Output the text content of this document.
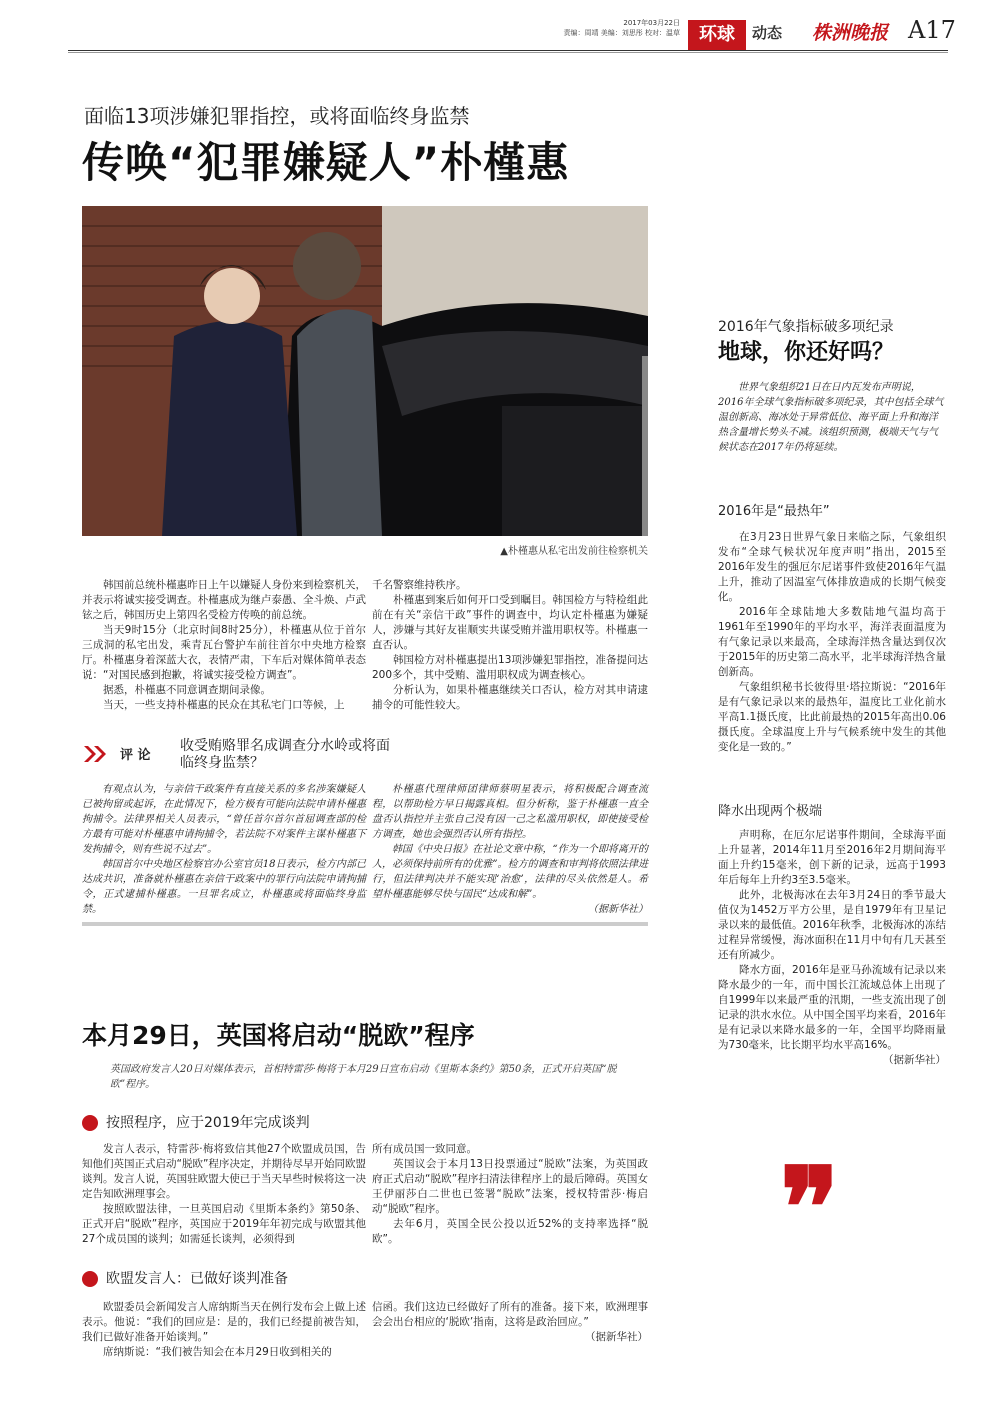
2017年03月22日
责编：周靖 美编：刘思彤 校对：温草	环球	动态 株洲晚报 A17
面临13项涉嫌犯罪指控，或将面临终身监禁
传唤“犯罪嫌疑人”朴槿惠
▲朴槿惠从私宅出发前往检察机关

韩国前总统朴槿惠昨日上午以嫌疑人身份来到检察机关，并表示将诚实接受调查。朴槿惠成为继卢泰愚、全斗焕、卢武铉之后，韩国历史上第四名受检方传唤的前总统。

当天9时15分（北京时间8时25分），朴槿惠从位于首尔三成洞的私宅出发，乘青瓦台警护车前往首尔中央地方检察厅。朴槿惠身着深蓝大衣，表情严肃，下车后对媒体简单表态说：“对国民感到抱歉，将诚实接受检方调查”。

据悉，朴槿惠不同意调查期间录像。

当天，一些支持朴槿惠的民众在其私宅门口等候，上

千名警察维持秩序。

朴槿惠到案后如何开口受到瞩目。韩国检方与特检组此前在有关“亲信干政”事件的调查中，均认定朴槿惠为嫌疑人，涉嫌与其好友崔顺实共谋受贿并滥用职权等。朴槿惠一直否认。

韩国检方对朴槿惠提出13项涉嫌犯罪指控，准备提问达200多个，其中受贿、滥用职权成为调查核心。

分析认为，如果朴槿惠继续关口否认，检方对其申请逮捕令的可能性较大。

评 论
收受贿赂罪名成调查分水岭或将面临终身监禁？

有观点认为，与亲信干政案件有直接关系的多名涉案嫌疑人已被拘留或起诉，在此情况下，检方极有可能向法院申请朴槿惠拘捕令。法律界相关人员表示，“曾任首尔首尔首屈调查部的检方最有可能对朴槿惠申请拘捕令，若法院不对案件主谋朴槿惠下发拘捕令，则有些说不过去”。

韩国首尔中央地区检察官办公室官员18日表示，检方内部已达成共识，准备就朴槿惠在亲信干政案中的罪行向法院申请拘捕令，正式逮捕朴槿惠。一旦罪名成立，朴槿惠或将面临终身监禁。

朴槿惠代理律师团律师蔡明星表示，将积极配合调查流程，以帮助检方早日揭露真相。但分析称，鉴于朴槿惠一直全盘否认指控并主张自己没有因一己之私滥用职权，即使接受检方调查，她也会强烈否认所有指控。

韩国《中央日报》在社论文章中称，“作为一个即将离开的人，必须保持前所有的优雅”。检方的调查和审判将依照法律进行，但法律判决并不能实现‘治愈’，法律的尽头依然是人。希望朴槿惠能够尽快与国民“达成和解”。

（据新华社）

2016年气象指标破多项纪录
地球，你还好吗？

世界气象组织21日在日内瓦发布声明说，2016年全球气象指标破多项纪录，其中包括全球气温创新高、海冰处于异常低位、海平面上升和海洋热含量增长势头不减。该组织预测，极端天气与气候状态在2017年仍将延续。

2016年是“最热年”

在3月23日世界气象日来临之际，气象组织发布“全球气候状况年度声明”指出，2015至2016年发生的强厄尔尼诺事件致使2016年气温上升，推动了因温室气体排放造成的长期气候变化。

2016年全球陆地大多数陆地气温均高于1961年至1990年的平均水平，海洋表面温度为有气象记录以来最高，全球海洋热含量达到仅次于2015年的历史第二高水平，北半球海洋热含量创新高。

气象组织秘书长彼得里·塔拉斯说：“2016年是有气象记录以来的最热年，温度比工业化前水平高1.1摄氏度，比此前最热的2015年高出0.06摄氏度。全球温度上升与气候系统中发生的其他变化是一致的。”

降水出现两个极端

声明称，在厄尔尼诺事件期间，全球海平面上升显著，2014年11月至2016年2月期间海平面上升约15毫米，创下新的记录，远高于1993年后每年上升约3至3.5毫米。

此外，北极海冰在去年3月24日的季节最大值仅为1452万平方公里，是自1979年有卫星记录以来的最低值。2016年秋季，北极海冰的冻结过程异常缓慢，海冰面积在11月中旬有几天甚至还有所减少。

降水方面，2016年是亚马孙流域有记录以来降水最少的一年，而中国长江流域总体上出现了自1999年以来最严重的汛期，一些支流出现了创记录的洪水水位。从中国全国平均来看，2016年是有记录以来降水最多的一年，全国平均降雨量为730毫米，比长期平均水平高16%。

（据新华社）

❞
本月29日，英国将启动“脱欧”程序
英国政府发言人20日对媒体表示，首相特雷莎·梅将于本月29日宣布启动《里斯本条约》第50条，正式开启英国“脱欧”程序。
按照程序，应于2019年完成谈判

发言人表示，特雷莎·梅将致信其他27个欧盟成员国，告知他们英国正式启动“脱欧”程序决定，并期待尽早开始同欧盟谈判。发言人说，英国驻欧盟大使已于当天早些时候将这一决定告知欧洲理事会。

按照欧盟法律，一旦英国启动《里斯本条约》第50条、正式开启“脱欧”程序，英国应于2019年年初完成与欧盟其他27个成员国的谈判；如需延长谈判，必须得到

所有成员国一致同意。

英国议会于本月13日投票通过“脱欧”法案，为英国政府正式启动“脱欧”程序扫清法律程序上的最后障碍。英国女王伊丽莎白二世也已签署“脱欧”法案，授权特雷莎·梅启动“脱欧”程序。

去年6月，英国全民公投以近52%的支持率选择“脱欧”。

欧盟发言人：已做好谈判准备

欧盟委员会新闻发言人席纳斯当天在例行发布会上做上述表示。他说：“我们的回应是：是的，我们已经提前被告知，我们已做好准备开始谈判。”

席纳斯说：“我们被告知会在本月29日收到相关的

信函。我们这边已经做好了所有的准备。接下来，欧洲理事会会出台相应的‘脱欧’指南，这将是政治回应。”

（据新华社）
